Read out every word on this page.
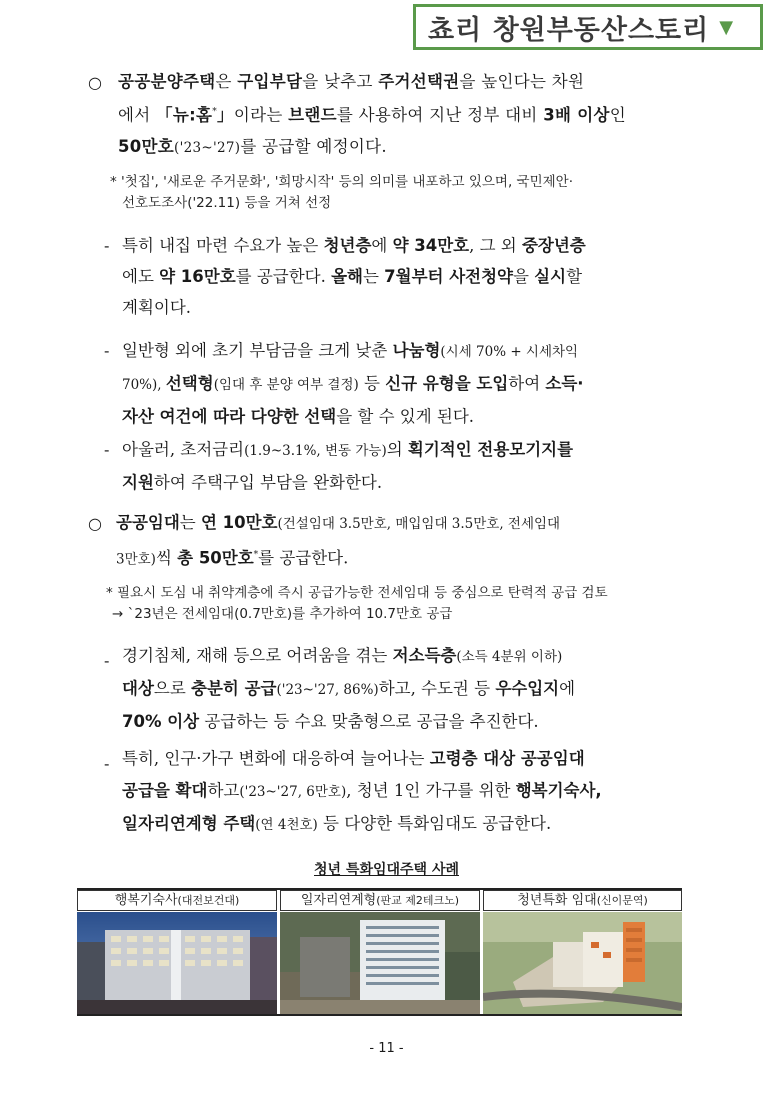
쵸리 창원부동산스토리 ▼
○ 공공분양주택은 구입부담을 낮추고 주거선택권을 높인다는 차원
에서 「뉴:홈*」이라는 브랜드를 사용하여 지난 정부 대비 3배 이상인
50만호('23~'27)를 공급할 예정이다.
* '첫집', '새로운 주거문화', '희망시작' 등의 의미를 내포하고 있으며, 국민제안·
선호도조사('22.11) 등을 거쳐 선정
- 특히 내집 마련 수요가 높은 청년층에 약 34만호, 그 외 중장년층
에도 약 16만호를 공급한다. 올해는 7월부터 사전청약을 실시할
계획이다.
- 일반형 외에 초기 부담금을 크게 낮춘 나눔형(시세 70% + 시세차익
70%), 선택형(임대 후 분양 여부 결정) 등 신규 유형을 도입하여 소득·
자산 여건에 따라 다양한 선택을 할 수 있게 된다.
- 아울러, 초저금리(1.9~3.1%, 변동 가능)의 획기적인 전용모기지를
지원하여 주택구입 부담을 완화한다.
○ 공공임대는 연 10만호(건설임대 3.5만호, 매입임대 3.5만호, 전세임대
3만호)씩 총 50만호*를 공급한다.
* 필요시 도심 내 취약계층에 즉시 공급가능한 전세임대 등 중심으로 탄력적 공급 검토
→ `23년은 전세임대(0.7만호)를 추가하여 10.7만호 공급
- 경기침체, 재해 등으로 어려움을 겪는 저소득층(소득 4분위 이하)
대상으로 충분히 공급('23~'27, 86%)하고, 수도권 등 우수입지에
70% 이상 공급하는 등 수요 맞춤형으로 공급을 추진한다.
- 특히, 인구·가구 변화에 대응하여 늘어나는 고령층 대상 공공임대
공급을 확대하고('23~'27, 6만호), 청년 1인 가구를 위한 행복기숙사,
일자리연계형 주택(연 4천호) 등 다양한 특화임대도 공급한다.
청년 특화임대주택 사례
행복기숙사(대전보건대)	일자리연계형(판교 제2테크노)	청년특화 임대(신이문역)
- 11 -
